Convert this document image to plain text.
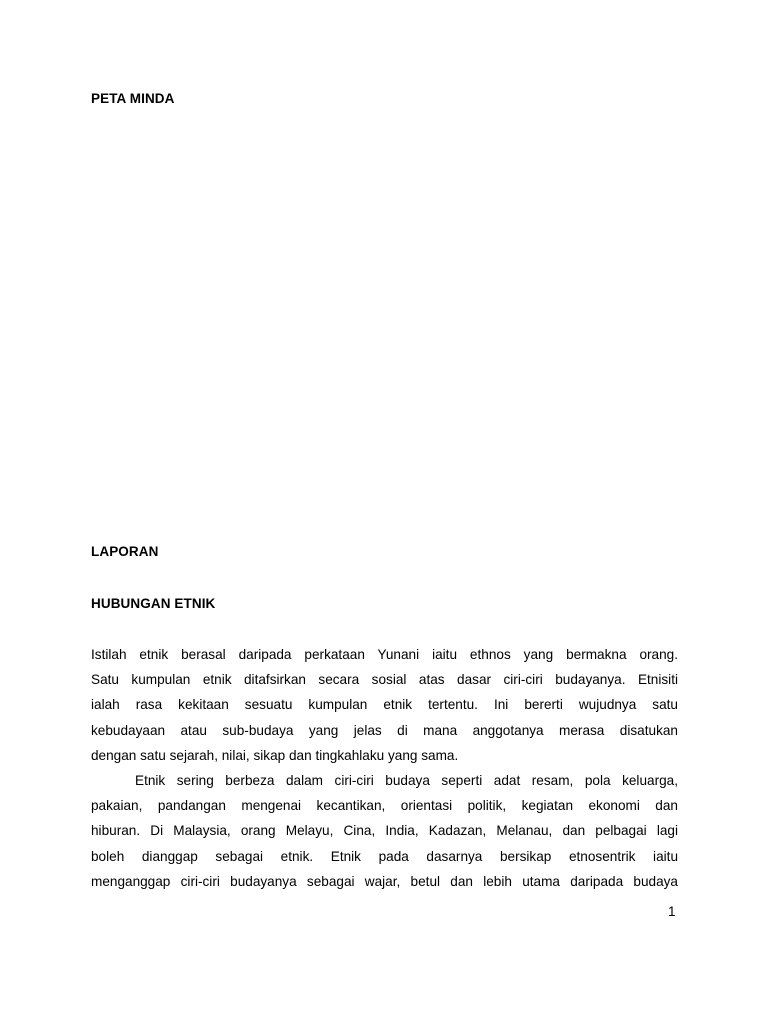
PETA MINDA
LAPORAN
HUBUNGAN ETNIK
Istilah etnik berasal daripada perkataan Yunani iaitu ethnos yang bermakna orang.
Satu kumpulan etnik ditafsirkan secara sosial atas dasar ciri-ciri budayanya. Etnisiti
ialah rasa kekitaan sesuatu kumpulan etnik tertentu. Ini bererti wujudnya satu
kebudayaan atau sub-budaya yang jelas di mana anggotanya merasa disatukan
dengan satu sejarah, nilai, sikap dan tingkahlaku yang sama.
Etnik sering berbeza dalam ciri-ciri budaya seperti adat resam, pola keluarga,
pakaian, pandangan mengenai kecantikan, orientasi politik, kegiatan ekonomi dan
hiburan. Di Malaysia, orang Melayu, Cina, India, Kadazan, Melanau, dan pelbagai lagi
boleh dianggap sebagai etnik. Etnik pada dasarnya bersikap etnosentrik iaitu
menganggap ciri-ciri budayanya sebagai wajar, betul dan lebih utama daripada budaya
1
